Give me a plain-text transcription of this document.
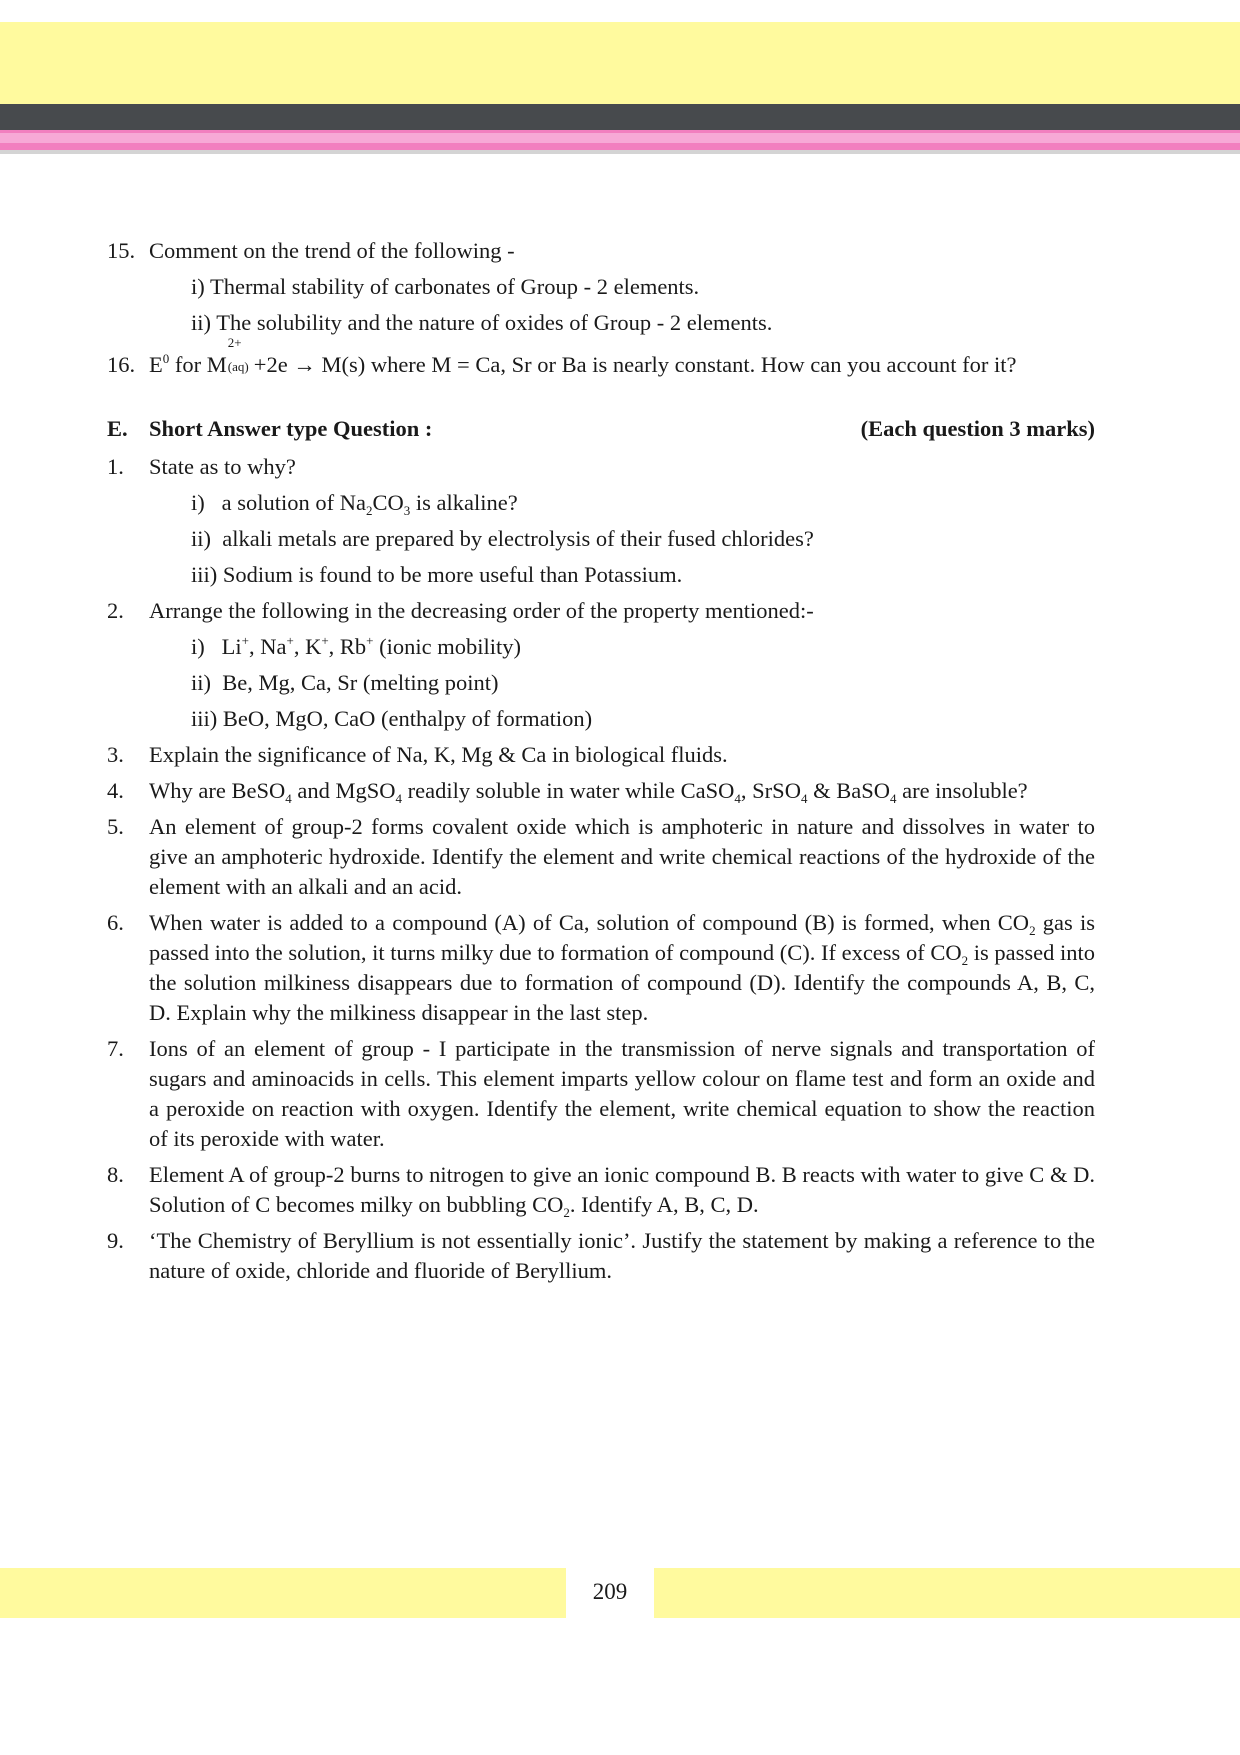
15. Comment on the trend of the following -
i) Thermal stability of carbonates of Group - 2 elements.
ii) The solubility and the nature of oxides of Group - 2 elements.
16. $E^0$ for M
2+
(aq) +2e → M(s) where M = Ca, Sr or Ba is nearly constant. How can you account for it?
E. Short Answer type Question :	(Each question 3 marks)
1. State as to why?
i) a solution of $Na_2CO_3$ is alkaline?
ii) alkali metals are prepared by electrolysis of their fused chlorides?
iii) Sodium is found to be more useful than Potassium.
2. Arrange the following in the decreasing order of the property mentioned:-
i) Li+, Na+, K+, Rb+ (ionic mobility)
ii) Be, Mg, Ca, Sr (melting point)
iii) BeO, MgO, CaO (enthalpy of formation)
3. Explain the significance of Na, K, Mg & Ca in biological fluids.
4. Why are BeSO$_4$ and MgSO$_4$ readily soluble in water while CaSO$_4$, SrSO$_4$ & BaSO$_4$ are insoluble?
5. An element of group-2 forms covalent oxide which is amphoteric in nature and dissolves in water to give an amphoteric hydroxide. Identify the element and write chemical reactions of the hydroxide of the element with an alkali and an acid.
6. When water is added to a compound (A) of Ca, solution of compound (B) is formed, when $CO_2$ gas is passed into the solution, it turns milky due to formation of compound (C). If excess of $CO_2$ is passed into the solution milkiness disappears due to formation of compound (D). Identify the compounds A, B, C, D. Explain why the milkiness disappear in the last step.
7. Ions of an element of group - I participate in the transmission of nerve signals and transportation of sugars and aminoacids in cells. This element imparts yellow colour on flame test and form an oxide and a peroxide on reaction with oxygen. Identify the element, write chemical equation to show the reaction of its peroxide with water.
8. Element A of group-2 burns to nitrogen to give an ionic compound B. B reacts with water to give C & D. Solution of C becomes milky on bubbling $CO_2$. Identify A, B, C, D.
9. ‘The Chemistry of Beryllium is not essentially ionic’. Justify the statement by making a reference to the nature of oxide, chloride and fluoride of Beryllium.
209
